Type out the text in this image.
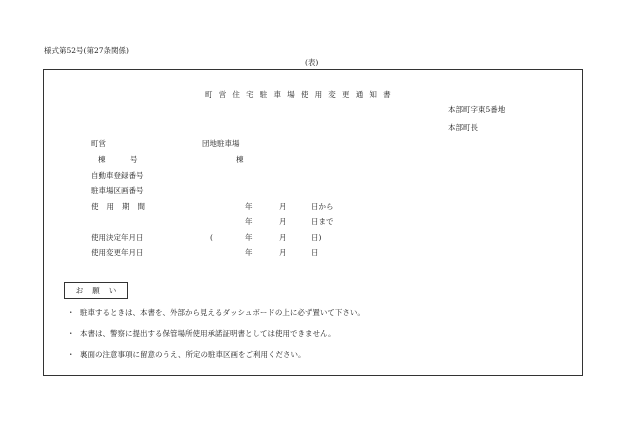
様式第52号(第27条関係)
(表)
町営住宅駐車場使用変更通知書
本部町字東5番地
本部町長
町営	団地駐車場
棟	号	棟
自動車登録番号
駐車場区画番号
使用期間	年	月	日から
年	月	日まで
使用決定年月日	(	年	月	日)
使用変更年月日	年	月	日
お願い
・ 駐車するときは、本書を、外部から見えるダッシュボードの上に必ず置いて下さい。
・ 本書は、警察に提出する保管場所使用承諾証明書としては使用できません。
・ 裏面の注意事項に留意のうえ、所定の駐車区画をご利用ください。
